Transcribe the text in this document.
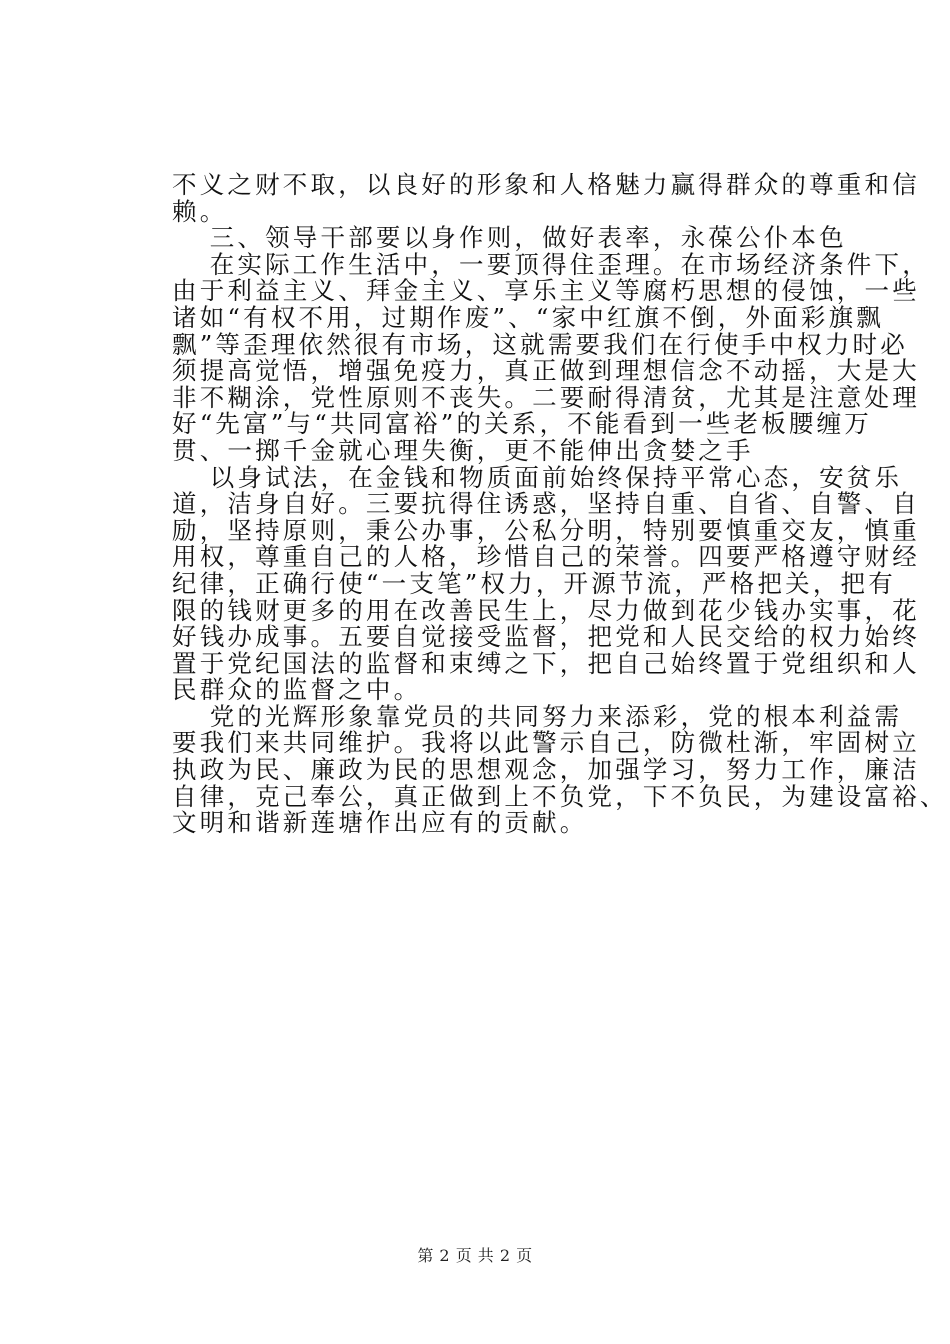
不义之财不取，以良好的形象和人格魅力赢得群众的尊重和信
赖。
　三、领导干部要以身作则，做好表率，永葆公仆本色
　在实际工作生活中，一要顶得住歪理。在市场经济条件下，
由于利益主义、拜金主义、享乐主义等腐朽思想的侵蚀，一些
诸如“有权不用，过期作废”、“家中红旗不倒，外面彩旗飘
飘”等歪理依然很有市场，这就需要我们在行使手中权力时必
须提高觉悟，增强免疫力，真正做到理想信念不动摇，大是大
非不糊涂，党性原则不丧失。二要耐得清贫，尤其是注意处理
好“先富”与“共同富裕”的关系，不能看到一些老板腰缠万
贯、一掷千金就心理失衡，更不能伸出贪婪之手
　以身试法，在金钱和物质面前始终保持平常心态，安贫乐
道，洁身自好。三要抗得住诱惑，坚持自重、自省、自警、自
励，坚持原则，秉公办事，公私分明，特别要慎重交友，慎重
用权，尊重自己的人格，珍惜自己的荣誉。四要严格遵守财经
纪律，正确行使“一支笔”权力，开源节流，严格把关，把有
限的钱财更多的用在改善民生上，尽力做到花少钱办实事，花
好钱办成事。五要自觉接受监督，把党和人民交给的权力始终
置于党纪国法的监督和束缚之下，把自己始终置于党组织和人
民群众的监督之中。
　党的光辉形象靠党员的共同努力来添彩，党的根本利益需
要我们来共同维护。我将以此警示自己，防微杜渐，牢固树立
执政为民、廉政为民的思想观念，加强学习，努力工作，廉洁
自律，克己奉公，真正做到上不负党，下不负民，为建设富裕、
文明和谐新莲塘作出应有的贡献。
第 2 页 共 2 页
